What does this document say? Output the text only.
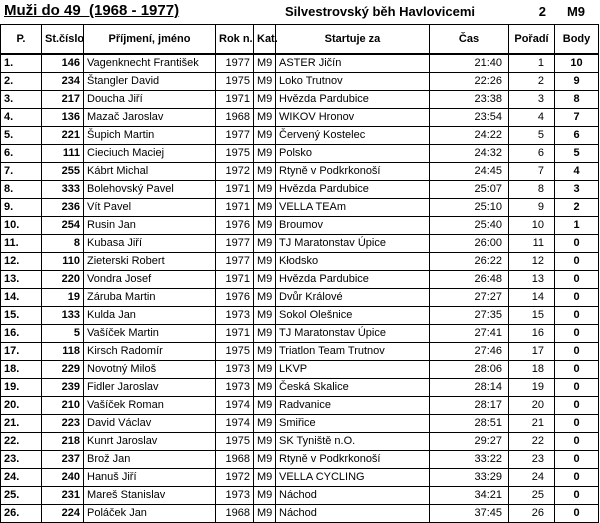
Muži do 49  (1968 - 1977)	Silvestrovský běh Havlovicemi	2	M9
P.	St.číslo	Příjmení, jméno	Rok n.	Kat.	Startuje za	Čas	Pořadí	Body
1.	146	Vagenknecht František	1977	M9	ASTER Jičín	21:40	1	10
2.	234	Štangler David	1975	M9	Loko Trutnov	22:26	2	9
3.	217	Doucha Jiří	1971	M9	Hvězda Pardubice	23:38	3	8
4.	136	Mazač Jaroslav	1968	M9	WIKOV Hronov	23:54	4	7
5.	221	Šupich Martin	1977	M9	Červený Kostelec	24:22	5	6
6.	111	Cieciuch Maciej	1975	M9	Polsko	24:32	6	5
7.	255	Kábrt Michal	1972	M9	Rtyně v Podkrkonoší	24:45	7	4
8.	333	Bolehovský Pavel	1971	M9	Hvězda Pardubice	25:07	8	3
9.	236	Vít Pavel	1971	M9	VELLA TEAm	25:10	9	2
10.	254	Rusin Jan	1976	M9	Broumov	25:40	10	1
11.	8	Kubasa Jiří	1977	M9	TJ Maratonstav Úpice	26:00	11	0
12.	110	Zieterski Robert	1977	M9	Kłodsko	26:22	12	0
13.	220	Vondra Josef	1971	M9	Hvězda Pardubice	26:48	13	0
14.	19	Záruba Martin	1976	M9	Dvůr Králové	27:27	14	0
15.	133	Kulda Jan	1973	M9	Sokol Olešnice	27:35	15	0
16.	5	Vašíček Martin	1971	M9	TJ Maratonstav Úpice	27:41	16	0
17.	118	Kirsch Radomír	1975	M9	Triatlon Team Trutnov	27:46	17	0
18.	229	Novotný Miloš	1973	M9	LKVP	28:06	18	0
19.	239	Fidler Jaroslav	1973	M9	Česká Skalice	28:14	19	0
20.	210	Vašíček Roman	1974	M9	Radvanice	28:17	20	0
21.	223	David Václav	1974	M9	Smiřice	28:51	21	0
22.	218	Kunrt Jaroslav	1975	M9	SK Tyniště n.O.	29:27	22	0
23.	237	Brož Jan	1968	M9	Rtyně v Podkrkonoší	33:22	23	0
24.	240	Hanuš Jiří	1972	M9	VELLA CYCLING	33:29	24	0
25.	231	Mareš Stanislav	1973	M9	Náchod	34:21	25	0
26.	224	Poláček Jan	1968	M9	Náchod	37:45	26	0
